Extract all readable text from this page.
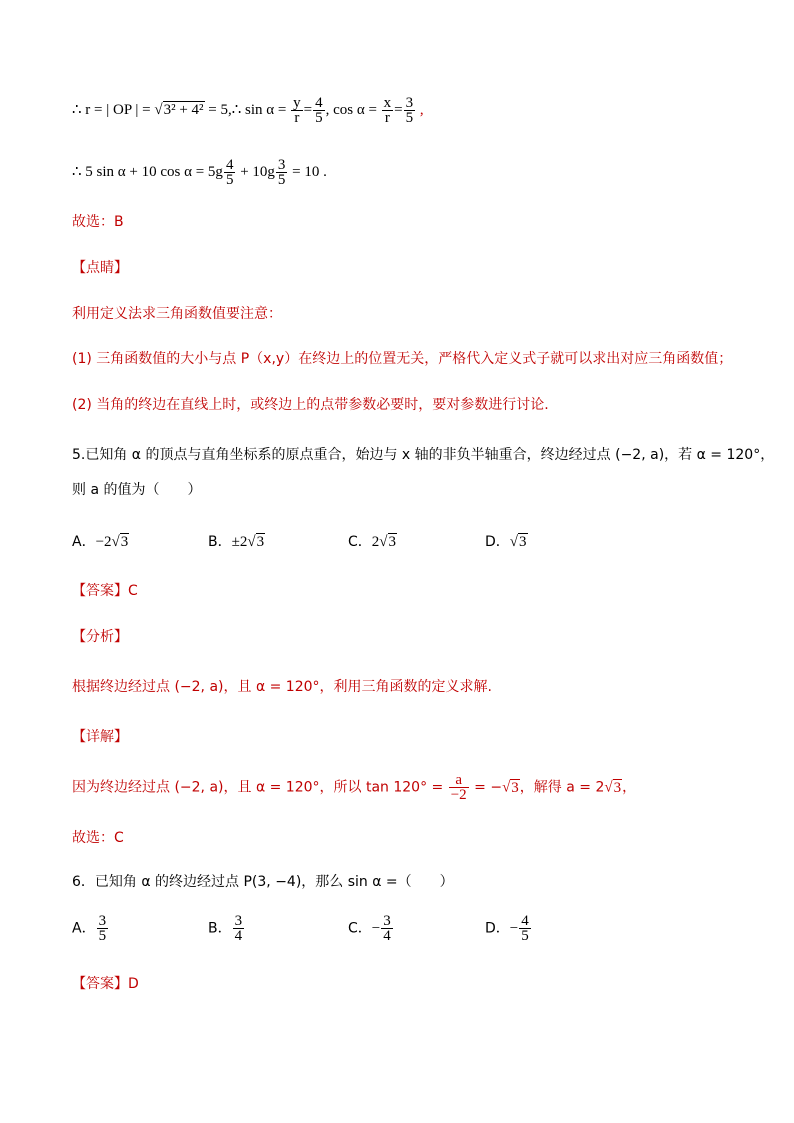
∴ r = | OP | = √3² + 4² = 5,∴ $\sin \alpha = \frac{y}{r} = \frac{4}{5}$ , $\cos \alpha = \frac{x}{r} = \frac{3}{5}$ ,
∴ 5 sin α + 10 $\cos \alpha = 5g \frac{4}{5} + 10g \frac{3}{5} = 10$ .
故选：B
【点睛】
利用定义法求三角函数值要注意：
(1) 三角函数值的大小与点 P（x,y）在终边上的位置无关，严格代入定义式子就可以求出对应三角函数值；
(2) 当角的终边在直线上时，或终边上的点带参数必要时，要对参数进行讨论.
5.已知角 α 的顶点与直角坐标系的原点重合，始边与 x 轴的非负半轴重合，终边经过点 (−2, a)，若 α = 120°，
则 a 的值为（　　）
A．−2√3	B．±2√3	C．2√3	D．√3
【答案】C
【分析】
根据终边经过点 (−2, a)，且 α = 120°，利用三角函数的定义求解.
【详解】
因为终边经过点 (−2, a)，且 α = 120°，所以 $\tan 120^\circ = \frac{a}{-2} = -√3$，解得 a = 2√3，
故选：C
6．已知角 α 的终边经过点 P(3, −4)，那么 sin α =（　　）
A． $\frac{3}{5}$	B． $\frac{3}{4}$	C．− $\frac{3}{4}$	D．− $\frac{4}{5}$
【答案】D
